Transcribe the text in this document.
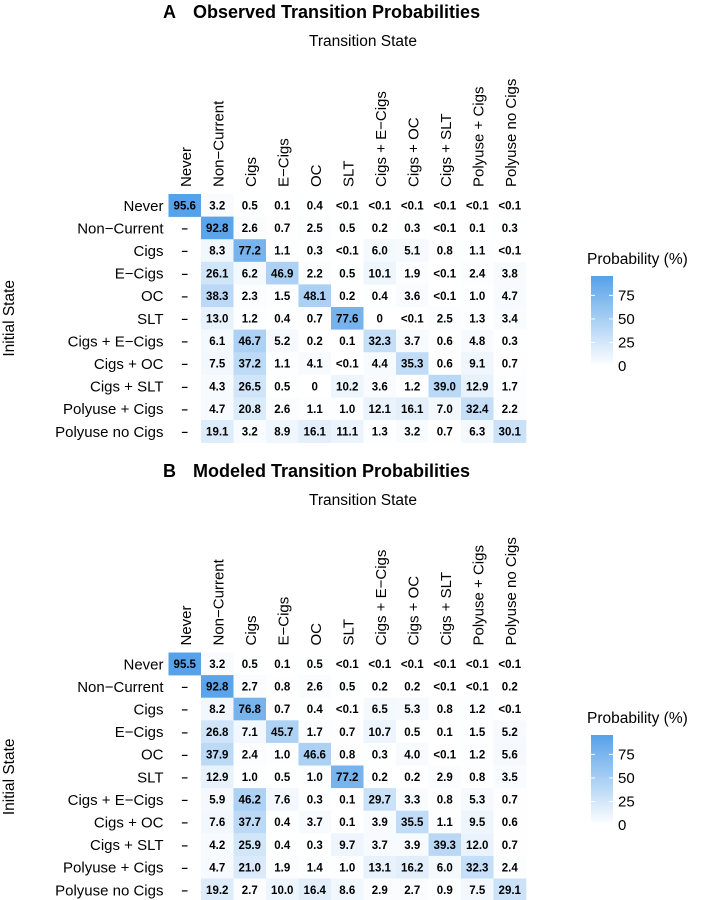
A Observed Transition Probabilities
Transition State
Initial State
Never Non−Current Cigs E−Cigs OC SLT Cigs + E−Cigs Cigs + OC Cigs + SLT Polyuse + Cigs Polyuse no Cigs
Never
Non−Current
Cigs
E−Cigs
OC
SLT
Cigs + E−Cigs
Cigs + OC
Cigs + SLT
Polyuse + Cigs
Polyuse no Cigs
95.6 3.2 0.5 0.1 0.4 <0.1 <0.1 <0.1 <0.1 <0.1 <0.1
– 92.8 2.6 0.7 2.5 0.5 0.2 0.3 <0.1 0.1 0.3
– 8.3 77.2 1.1 0.3 <0.1 6.0 5.1 0.8 1.1 <0.1
– 26.1 6.2 46.9 2.2 0.5 10.1 1.9 <0.1 2.4 3.8
– 38.3 2.3 1.5 48.1 0.2 0.4 3.6 <0.1 1.0 4.7
– 13.0 1.2 0.4 0.7 77.6 0 <0.1 2.5 1.3 3.4
– 6.1 46.7 5.2 0.2 0.1 32.3 3.7 0.6 4.8 0.3
– 7.5 37.2 1.1 4.1 <0.1 4.4 35.3 0.6 9.1 0.7
– 4.3 26.5 0.5 0 10.2 3.6 1.2 39.0 12.9 1.7
– 4.7 20.8 2.6 1.1 1.0 12.1 16.1 7.0 32.4 2.2
– 19.1 3.2 8.9 16.1 11.1 1.3 3.2 0.7 6.3 30.1
Probability (%)
75
50
25
0
B Modeled Transition Probabilities
Transition State
Initial State
Never Non−Current Cigs E−Cigs OC SLT Cigs + E−Cigs Cigs + OC Cigs + SLT Polyuse + Cigs Polyuse no Cigs
Never
Non−Current
Cigs
E−Cigs
OC
SLT
Cigs + E−Cigs
Cigs + OC
Cigs + SLT
Polyuse + Cigs
Polyuse no Cigs
95.5 3.2 0.5 0.1 0.5 <0.1 <0.1 <0.1 <0.1 <0.1 <0.1
– 92.8 2.7 0.8 2.6 0.5 0.2 0.2 <0.1 <0.1 0.2
– 8.2 76.8 0.7 0.4 <0.1 6.5 5.3 0.8 1.2 <0.1
– 26.8 7.1 45.7 1.7 0.7 10.7 0.5 0.1 1.5 5.2
– 37.9 2.4 1.0 46.6 0.8 0.3 4.0 <0.1 1.2 5.6
– 12.9 1.0 0.5 1.0 77.2 0.2 0.2 2.9 0.8 3.5
– 5.9 46.2 7.6 0.3 0.1 29.7 3.3 0.8 5.3 0.7
– 7.6 37.7 0.4 3.7 0.1 3.9 35.5 1.1 9.5 0.6
– 4.2 25.9 0.4 0.3 9.7 3.7 3.9 39.3 12.0 0.7
– 4.7 21.0 1.9 1.4 1.0 13.1 16.2 6.0 32.3 2.4
– 19.2 2.7 10.0 16.4 8.6 2.9 2.7 0.9 7.5 29.1
Probability (%)
75
50
25
0
